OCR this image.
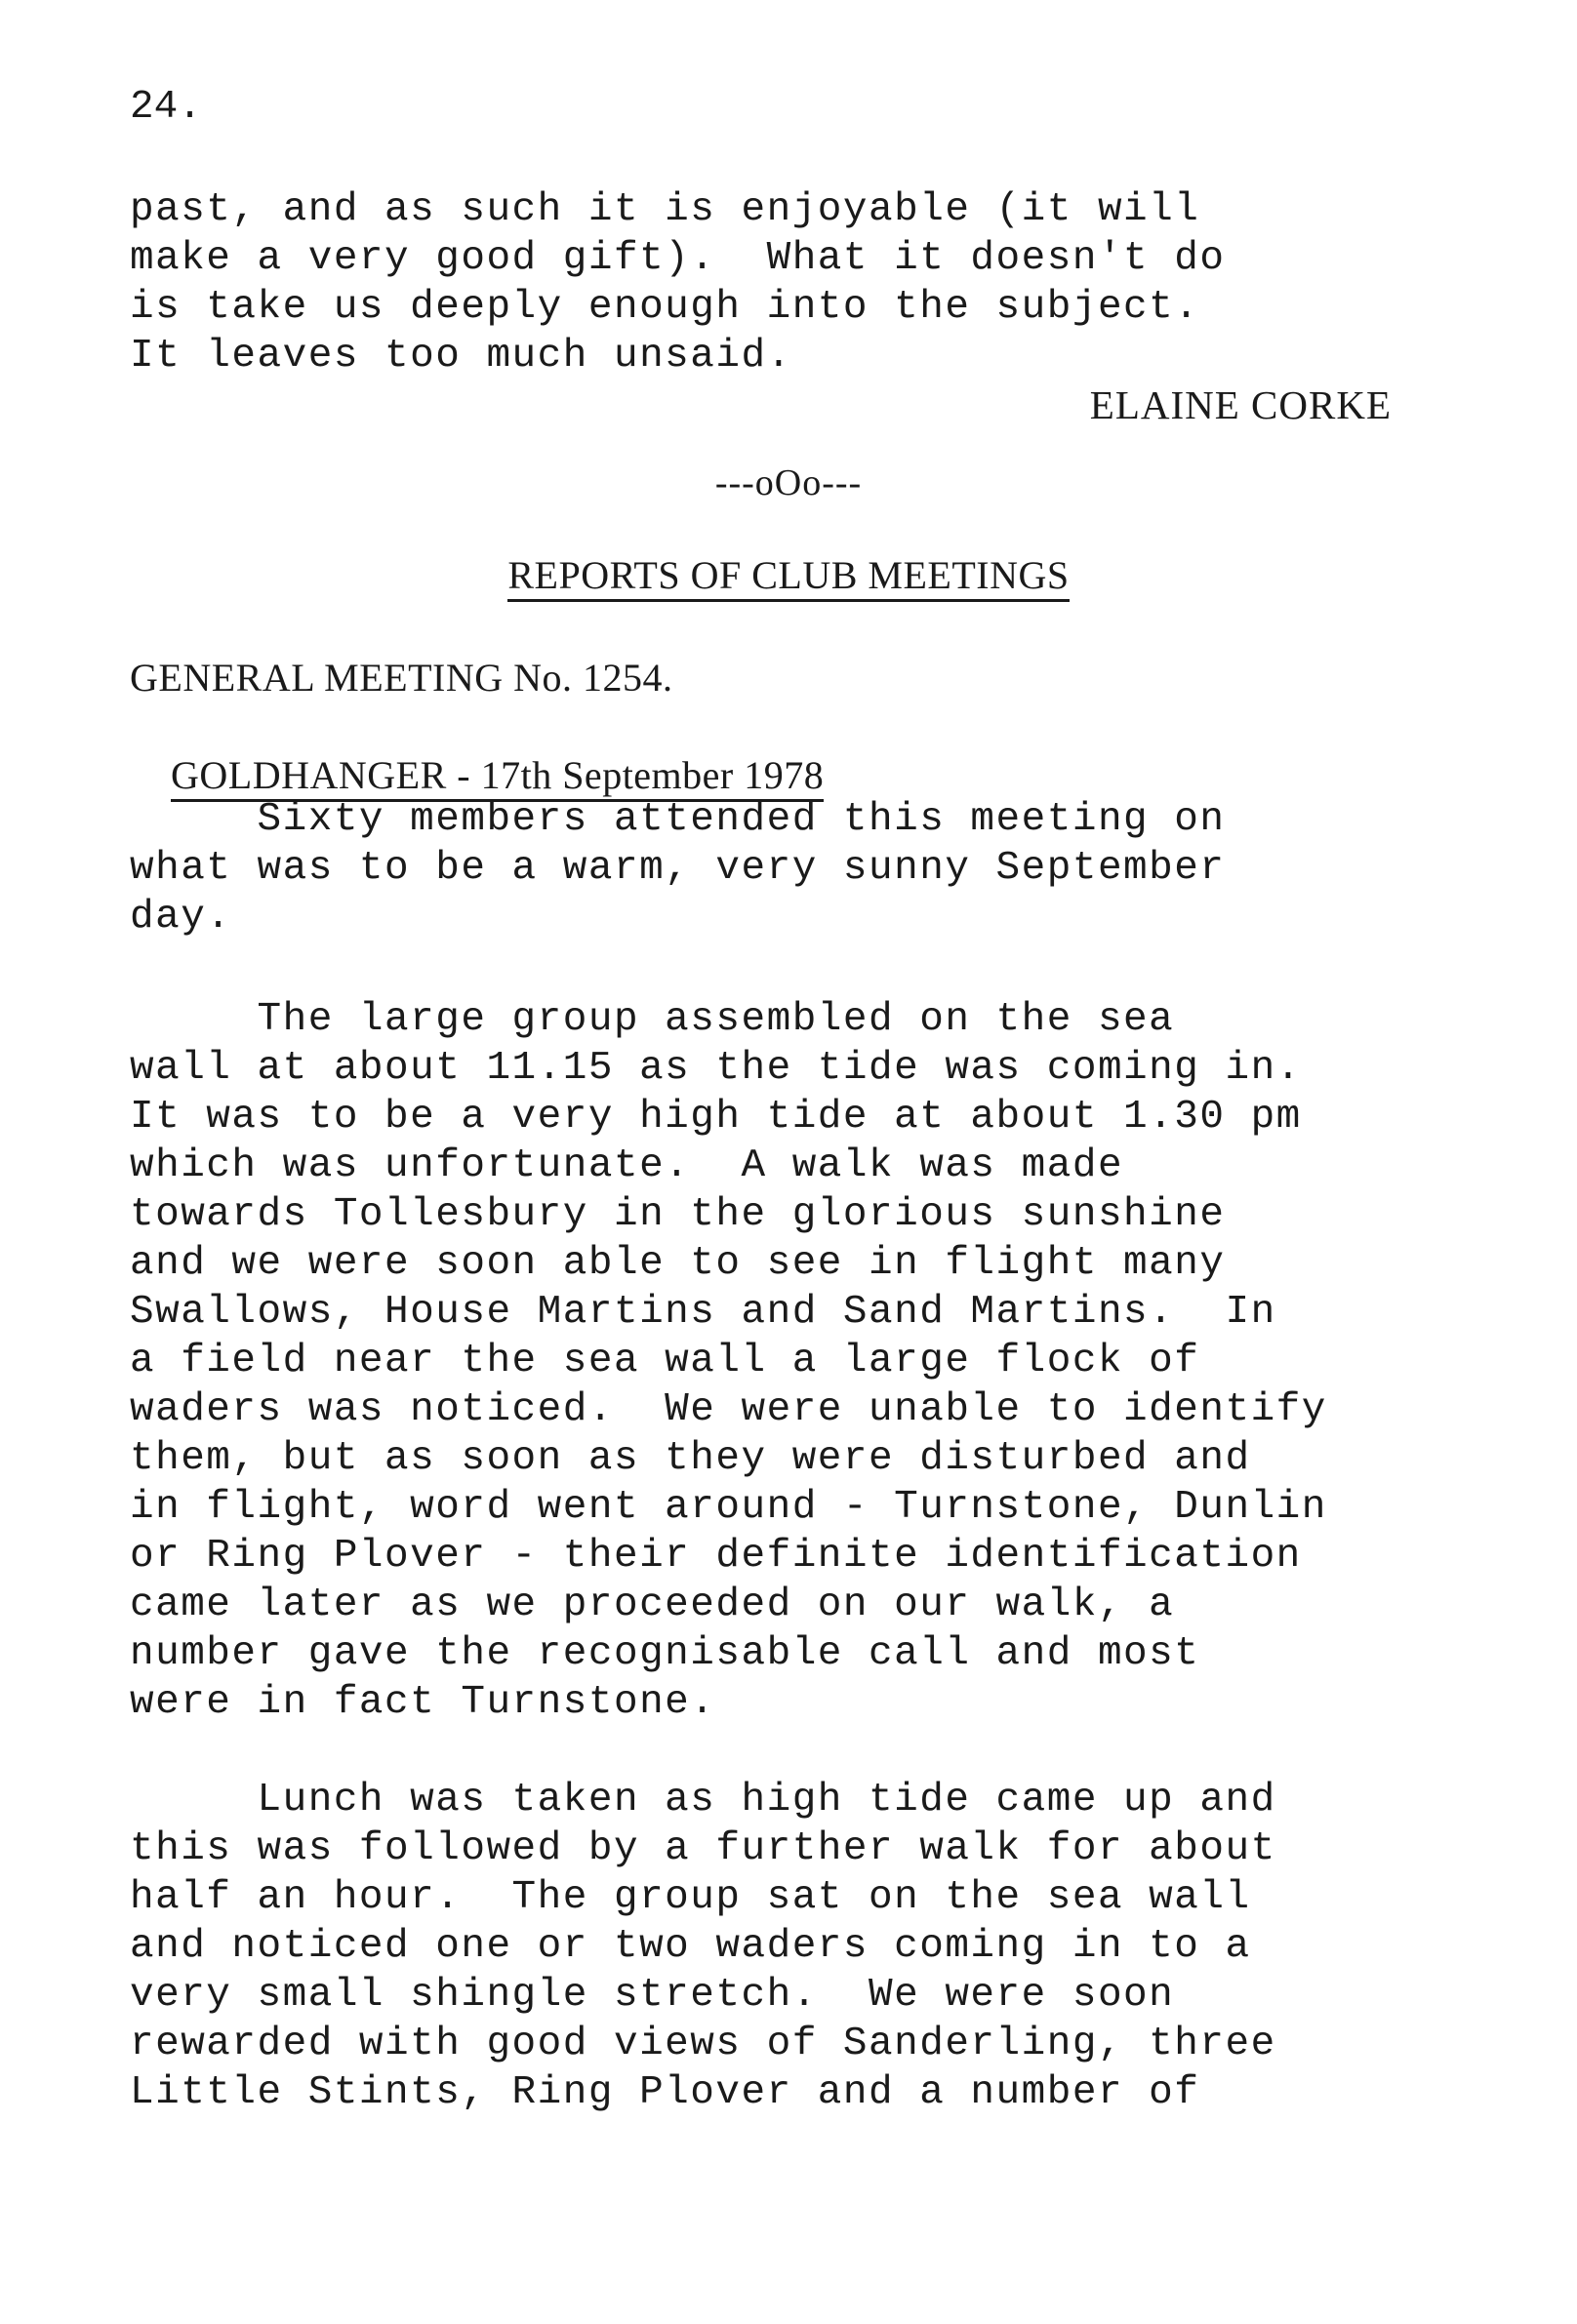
24.
past, and as such it is enjoyable (it will
make a very good gift).  What it doesn't do
is take us deeply enough into the subject.
It leaves too much unsaid.
ELAINE CORKE
---oOo---
REPORTS OF CLUB MEETINGS
GENERAL MEETING No. 1254.

GOLDHANGER - 17th September 1978

Sixty members attended this meeting on
what was to be a warm, very sunny September
day.
The large group assembled on the sea
wall at about 11.15 as the tide was coming in.
It was to be a very high tide at about 1.30 pm
which was unfortunate.  A walk was made
towards Tollesbury in the glorious sunshine
and we were soon able to see in flight many
Swallows, House Martins and Sand Martins.  In
a field near the sea wall a large flock of
waders was noticed.  We were unable to identify
them, but as soon as they were disturbed and
in flight, word went around - Turnstone, Dunlin
or Ring Plover - their definite identification
came later as we proceeded on our walk, a
number gave the recognisable call and most
were in fact Turnstone.
Lunch was taken as high tide came up and
this was followed by a further walk for about
half an hour.  The group sat on the sea wall
and noticed one or two waders coming in to a
very small shingle stretch.  We were soon
rewarded with good views of Sanderling, three
Little Stints, Ring Plover and a number of
